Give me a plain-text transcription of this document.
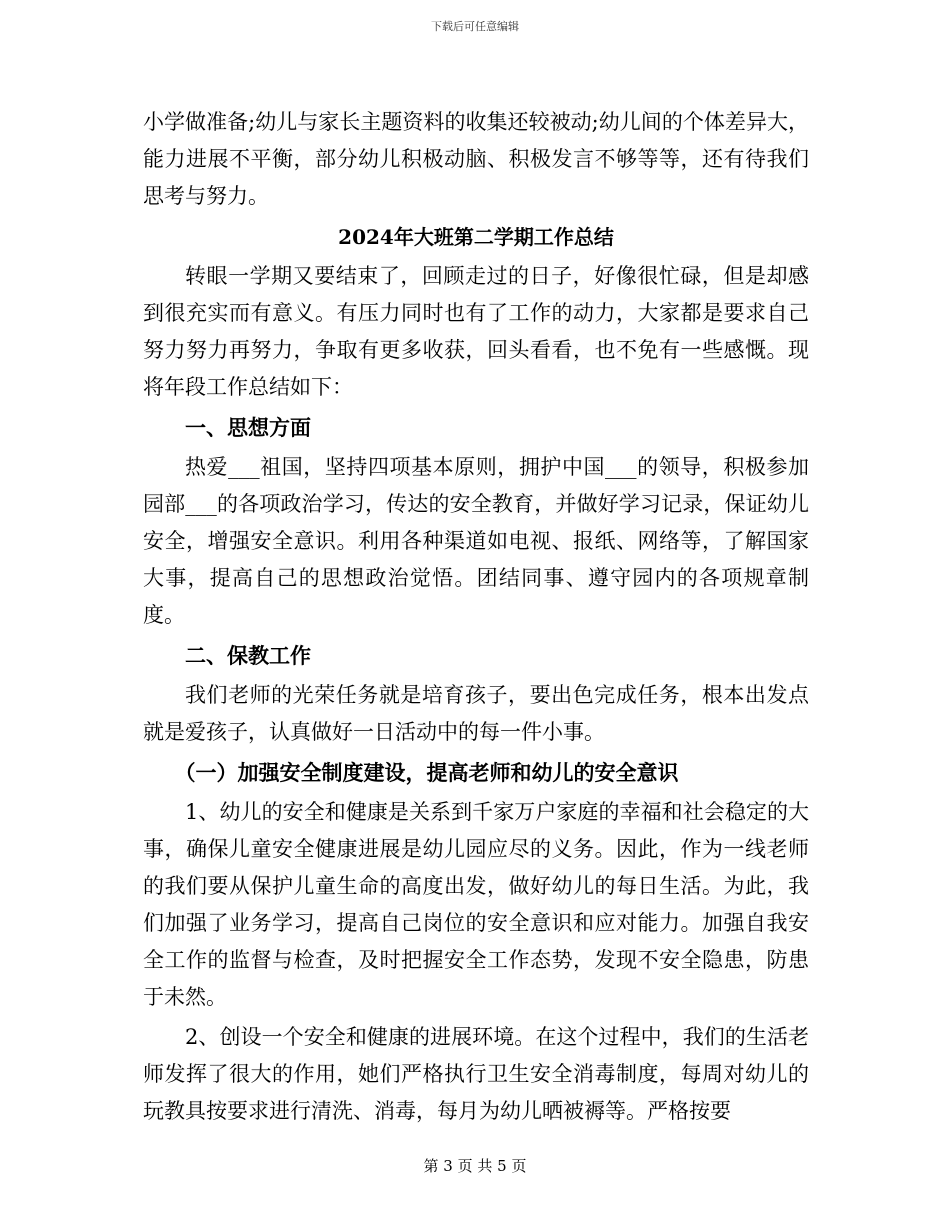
下载后可任意编辑

小学做准备;幼儿与家长主题资料的收集还较被动;幼儿间的个体差异大，能力进展不平衡，部分幼儿积极动脑、积极发言不够等等，还有待我们思考与努力。

2024年大班第二学期工作总结

转眼一学期又要结束了，回顾走过的日子，好像很忙碌，但是却感到很充实而有意义。有压力同时也有了工作的动力，大家都是要求自己努力努力再努力，争取有更多收获，回头看看，也不免有一些感慨。现将年段工作总结如下：

一、思想方面

热爱___祖国，坚持四项基本原则，拥护中国___的领导，积极参加园部___的各项政治学习，传达的安全教育，并做好学习记录，保证幼儿安全，增强安全意识。利用各种渠道如电视、报纸、网络等，了解国家大事，提高自己的思想政治觉悟。团结同事、遵守园内的各项规章制度。

二、保教工作

我们老师的光荣任务就是培育孩子，要出色完成任务，根本出发点就是爱孩子，认真做好一日活动中的每一件小事。

（一）加强安全制度建设，提高老师和幼儿的安全意识

1、幼儿的安全和健康是关系到千家万户家庭的幸福和社会稳定的大事，确保儿童安全健康进展是幼儿园应尽的义务。因此，作为一线老师的我们要从保护儿童生命的高度出发，做好幼儿的每日生活。为此，我们加强了业务学习，提高自己岗位的安全意识和应对能力。加强自我安全工作的监督与检查，及时把握安全工作态势，发现不安全隐患，防患于未然。

2、创设一个安全和健康的进展环境。在这个过程中，我们的生活老师发挥了很大的作用，她们严格执行卫生安全消毒制度，每周对幼儿的玩教具按要求进行清洗、消毒，每月为幼儿晒被褥等。严格按要

第 3 页 共 5 页
